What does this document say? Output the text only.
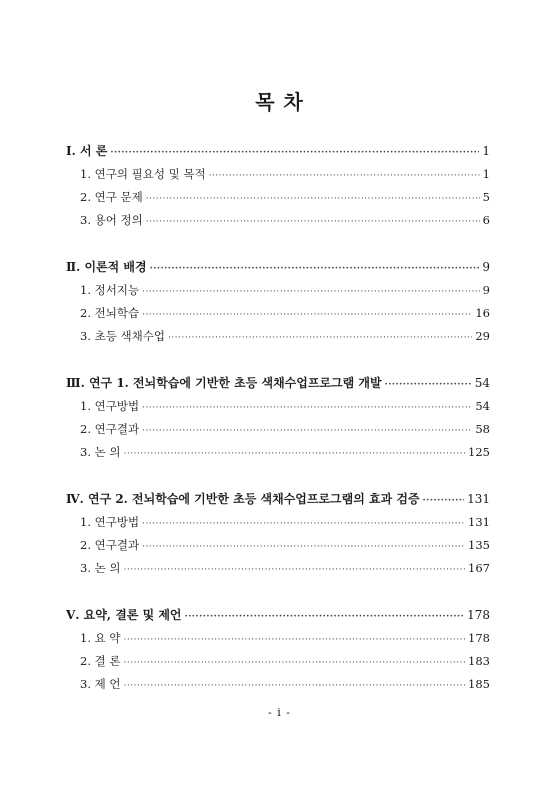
목 차
Ⅰ. 서 론 ·····	1
1. 연구의 필요성 및 목적 ·····	1
2. 연구 문제 ·····	5
3. 용어 정의 ·····	6
Ⅱ. 이론적 배경 ·····	9
1. 정서지능 ·····	9
2. 전뇌학습 ·····	16
3. 초등 색채수업 ·····	29
Ⅲ. 연구 1. 전뇌학습에 기반한 초등 색채수업프로그램 개발 ·····	54
1. 연구방법 ·····	54
2. 연구결과 ·····	58
3. 논 의 ·····	125
Ⅳ. 연구 2. 전뇌학습에 기반한 초등 색채수업프로그램의 효과 검증 ·····	131
1. 연구방법 ·····	131
2. 연구결과 ·····	135
3. 논 의 ·····	167
Ⅴ. 요약, 결론 및 제언 ·····	178
1. 요 약 ·····	178
2. 결 론 ·····	183
3. 제 언 ·····	185
- i -
